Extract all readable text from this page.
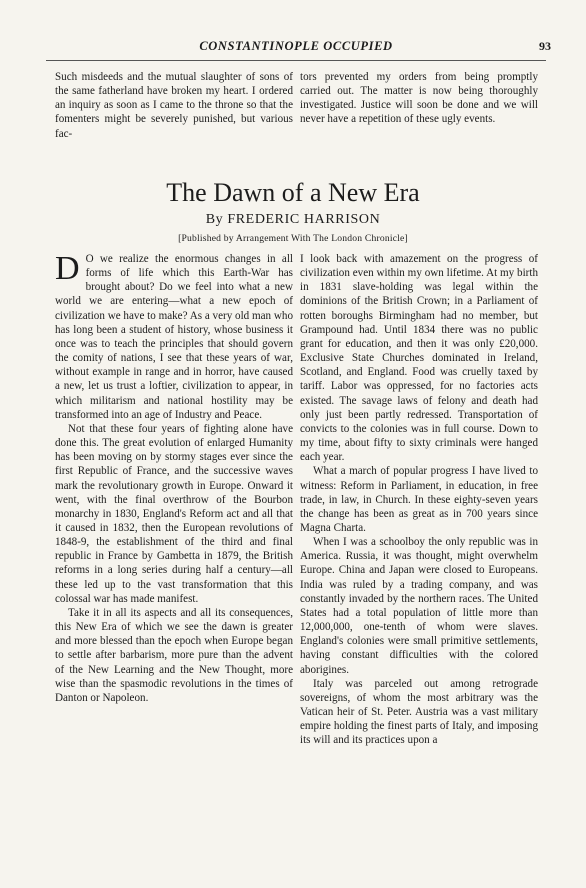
CONSTANTINOPLE OCCUPIED	93

Such misdeeds and the mutual slaughter of sons of the same fatherland have broken my heart. I ordered an inquiry as soon as I came to the throne so that the fomenters might be severely punished, but various fac-

tors prevented my orders from being promptly carried out. The matter is now being thoroughly investigated. Justice will soon be done and we will never have a repetition of these ugly events.

The Dawn of a New Era
By FREDERIC HARRISON
[Published by Arrangement With The London Chronicle]

D O we realize the enormous changes in all forms of life which this Earth-War has brought about? Do we feel into what a new world we are entering—what a new epoch of civilization we have to make? As a very old man who has long been a student of history, whose business it once was to teach the principles that should govern the comity of nations, I see that these years of war, without example in range and in horror, have caused a new, let us trust a loftier, civilization to appear, in which militarism and national hostility may be transformed into an age of Industry and Peace.

Not that these four years of fighting alone have done this. The great evolution of enlarged Humanity has been moving on by stormy stages ever since the first Republic of France, and the successive waves mark the revolutionary growth in Europe. Onward it went, with the final overthrow of the Bourbon monarchy in 1830, England's Reform act and all that it caused in 1832, then the European revolutions of 1848-9, the establishment of the third and final republic in France by Gambetta in 1879, the British reforms in a long series during half a century—all these led up to the vast transformation that this colossal war has made manifest.

Take it in all its aspects and all its consequences, this New Era of which we see the dawn is greater and more blessed than the epoch when Europe began to settle after barbarism, more pure than the advent of the New Learning and the New Thought, more wise than the spasmodic revolutions in the times of Danton or Napoleon.

I look back with amazement on the progress of civilization even within my own lifetime. At my birth in 1831 slave-holding was legal within the dominions of the British Crown; in a Parliament of rotten boroughs Birmingham had no member, but Grampound had. Until 1834 there was no public grant for education, and then it was only £20,000. Exclusive State Churches dominated in Ireland, Scotland, and England. Food was cruelly taxed by tariff. Labor was oppressed, for no factories acts existed. The savage laws of felony and death had only just been partly redressed. Transportation of convicts to the colonies was in full course. Down to my time, about fifty to sixty criminals were hanged each year.

What a march of popular progress I have lived to witness: Reform in Parliament, in education, in free trade, in law, in Church. In these eighty-seven years the change has been as great as in 700 years since Magna Charta.

When I was a schoolboy the only republic was in America. Russia, it was thought, might overwhelm Europe. China and Japan were closed to Europeans. India was ruled by a trading company, and was constantly invaded by the northern races. The United States had a total population of little more than 12,000,000, one-tenth of whom were slaves. England's colonies were small primitive settlements, having constant difficulties with the colored aborigines.

Italy was parceled out among retrograde sovereigns, of whom the most arbitrary was the Vatican heir of St. Peter. Austria was a vast military empire holding the finest parts of Italy, and imposing its will and its practices upon a
